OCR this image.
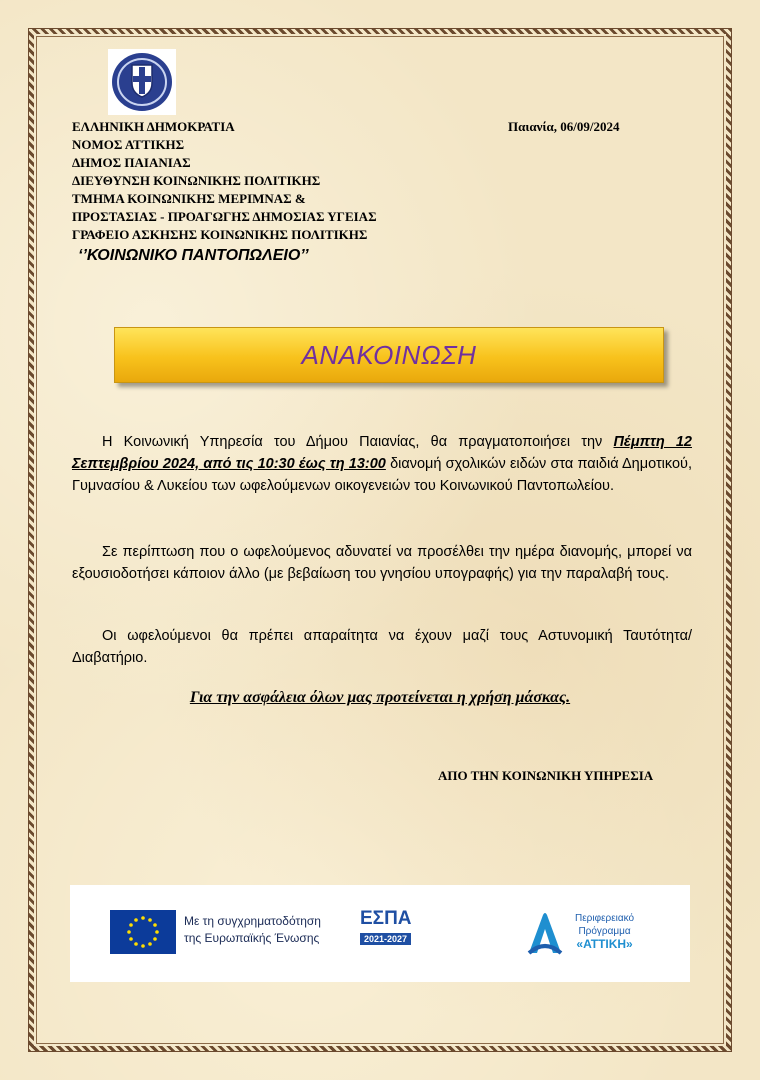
ΕΛΛΗΝΙΚΗ ΔΗΜΟΚΡΑΤΙΑ
ΝΟΜΟΣ ΑΤΤΙΚΗΣ
ΔΗΜΟΣ ΠΑΙΑΝΙΑΣ
ΔΙΕΥΘΥΝΣΗ ΚΟΙΝΩΝΙΚΗΣ ΠΟΛΙΤΙΚΗΣ
ΤΜΗΜΑ ΚΟΙΝΩΝΙΚΗΣ ΜΕΡΙΜΝΑΣ &
ΠΡΟΣΤΑΣΙΑΣ - ΠΡΟΑΓΩΓΗΣ ΔΗΜΟΣΙΑΣ ΥΓΕΙΑΣ
ΓΡΑΦΕΙΟ ΑΣΚΗΣΗΣ ΚΟΙΝΩΝΙΚΗΣ ΠΟΛΙΤΙΚΗΣ
Παιανία, 06/09/2024
‘’ΚΟΙΝΩΝΙΚΟ ΠΑΝΤΟΠΩΛΕΙΟ’’
ΑΝΑΚΟΙΝΩΣΗ
Η Κοινωνική Υπηρεσία του Δήμου Παιανίας, θα πραγματοποιήσει την Πέμπτη 12 Σεπτεμβρίου 2024, από τις 10:30 έως τη 13:00 διανομή σχολικών ειδών στα παιδιά Δημοτικού, Γυμνασίου & Λυκείου των ωφελούμενων οικογενειών του Κοινωνικού Παντοπωλείου.
Σε περίπτωση που ο ωφελούμενος αδυνατεί να προσέλθει την ημέρα διανομής, μπορεί να εξουσιοδοτήσει κάποιον άλλο (με βεβαίωση του γνησίου υπογραφής) για την παραλαβή τους.
Οι ωφελούμενοι θα πρέπει απαραίτητα να έχουν μαζί τους Αστυνομική Ταυτότητα/Διαβατήριο.
Για την ασφάλεια όλων μας προτείνεται η χρήση μάσκας.
ΑΠΟ ΤΗΝ ΚΟΙΝΩΝΙΚΗ ΥΠΗΡΕΣΙΑ
Με τη συγχρηματοδότηση
της Ευρωπαϊκής Ένωσης
ΕΣΠΑ
2021-2027
Περιφερειακό
Πρόγραμμα
«ΑΤΤΙΚΗ»
